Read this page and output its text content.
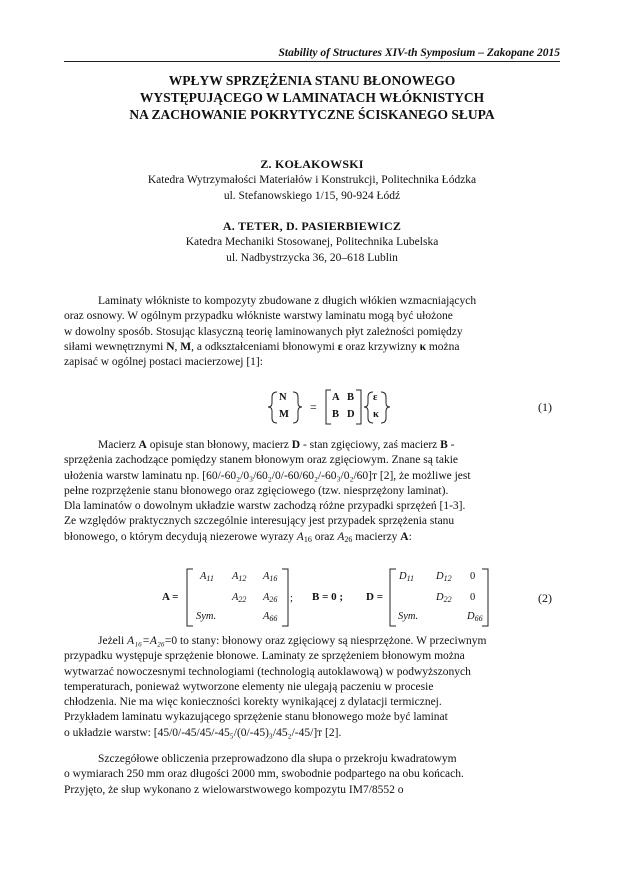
Stability of Structures XIV-th Symposium – Zakopane 2015
WPŁYW SPRZĘŻENIA STANU BŁONOWEGO
WYSTĘPUJĄCEGO W LAMINATACH WŁÓKNISTYCH
NA ZACHOWANIE POKRYTYCZNE ŚCISKANEGO SŁUPA
Z. KOŁAKOWSKI
Katedra Wytrzymałości Materiałów i Konstrukcji, Politechnika Łódzka
ul. Stefanowskiego 1/15, 90-924 Łódź
A. TETER, D. PASIERBIEWICZ
Katedra Mechaniki Stosowanej, Politechnika Lubelska
ul. Nadbystrzycka 36, 20–618 Lublin

Laminaty włókniste to kompozyty zbudowane z długich włókien wzmacniających

oraz osnowy. W ogólnym przypadku włókniste warstwy laminatu mogą być ułożone
w dowolny sposób. Stosując klasyczną teorię laminowanych płyt zależności pomiędzy
siłami wewnętrznymi N, M, a odkształceniami błonowymi ε oraz krzywizny κ można
zapisać w ogólnej postaci macierzowej [1]:
N
M
=
A B
B D
ε
κ
(1)

Macierz A opisuje stan błonowy, macierz D - stan zgięciowy, zaś macierz B -

sprzężenia zachodzące pomiędzy stanem błonowym oraz zgięciowym. Znane są takie
ułożenia warstw laminatu np. [60/-60₂/0₃/60₂/0/-60/60₂/-60₃/0₂/60]ᴛ [2], że możliwe jest
pełne rozprzężenie stanu błonowego oraz zgięciowego (tzw. niesprzężony laminat).
Dla laminatów o dowolnym układzie warstw zachodzą różne przypadki sprzężeń [1-3].
Ze względów praktycznych szczególnie interesujący jest przypadek sprzężenia stanu
błonowego, o którym decydują niezerowe wyrazy $A_{16}$ oraz $A_{26}$ macierzy A:
A =
$A_{11}$ $A_{12}$ $A_{16}$
$A_{22}$ $A_{26}$
Sym.	$A_{66}$
; B = 0 ; D =
$D_{11}$ $D_{12}$ 0
$D_{22}$ 0
Sym.	$D_{66}$
(2)

Jeżeli A₁₆=A₂₆=0 to stany: błonowy oraz zgięciowy są niesprzężone. W przeciwnym

przypadku występuje sprzężenie błonowe. Laminaty ze sprzężeniem błonowym można
wytwarzać nowoczesnymi technologiami (technologią autoklawową) w podwyższonych
temperaturach, ponieważ wytworzone elementy nie ulegają paczeniu w procesie
chłodzenia. Nie ma więc konieczności korekty wynikającej z dylatacji termicznej.
Przykładem laminatu wykazującego sprzężenie stanu błonowego może być laminat
o układzie warstw: [45/0/-45/45/-45₅/(0/-45)₃/45₂/-45/]ᴛ [2].

Szczegółowe obliczenia przeprowadzono dla słupa o przekroju kwadratowym

o wymiarach 250 mm oraz długości 2000 mm, swobodnie podpartego na obu końcach.
Przyjęto, że słup wykonano z wielowarstwowego kompozytu IM7/8552 o
